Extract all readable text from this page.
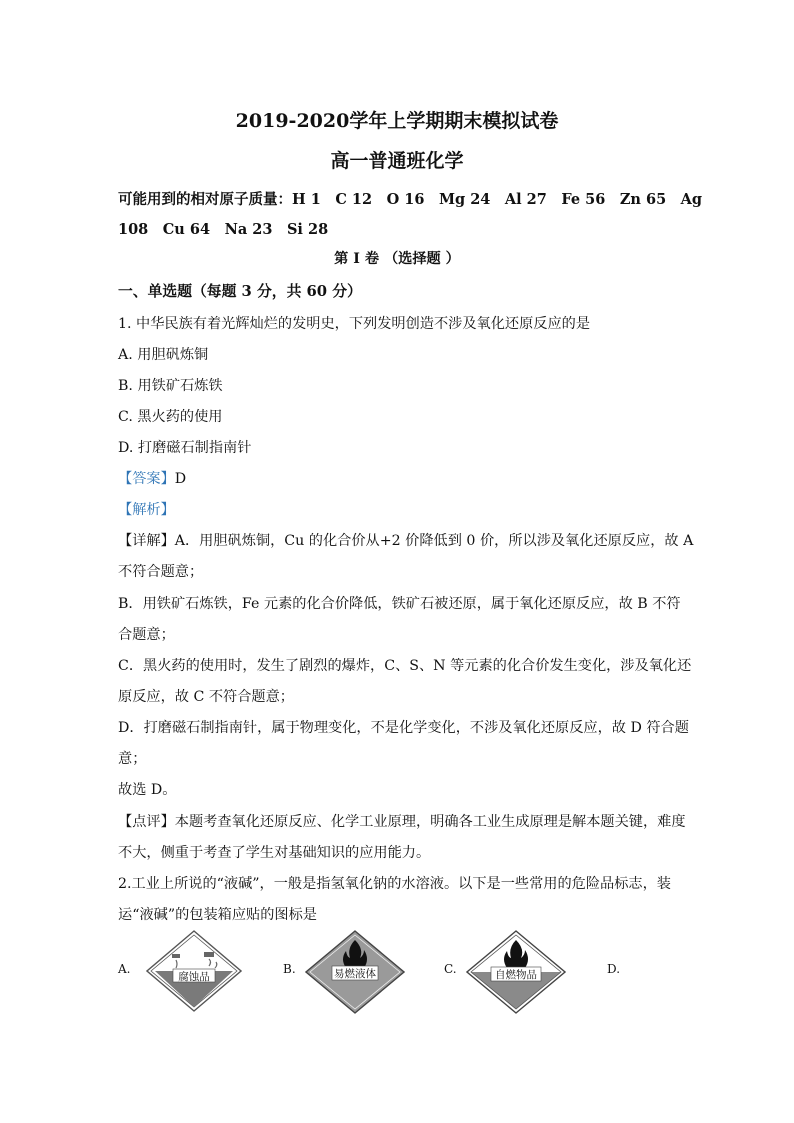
2019-2020学年上学期期末模拟试卷
高一普通班化学
可能用到的相对原子质量：H 1　C 12　O 16　Mg 24　Al 27　Fe 56　Zn 65　Ag
108　Cu 64　Na 23　Si 28
第 I 卷 （选择题 ）
一、单选题（每题 3 分，共 60 分）
1. 中华民族有着光辉灿烂的发明史，下列发明创造不涉及氧化还原反应的是
A. 用胆矾炼铜
B. 用铁矿石炼铁
C. 黑火药的使用
D. 打磨磁石制指南针
【答案】D
【解析】
【详解】A．用胆矾炼铜，Cu 的化合价从+2 价降低到 0 价，所以涉及氧化还原反应，故 A
不符合题意；
B．用铁矿石炼铁，Fe 元素的化合价降低，铁矿石被还原，属于氧化还原反应，故 B 不符
合题意；
C．黑火药的使用时，发生了剧烈的爆炸，C、S、N 等元素的化合价发生变化，涉及氧化还
原反应，故 C 不符合题意；
D．打磨磁石制指南针，属于物理变化，不是化学变化，不涉及氧化还原反应，故 D 符合题
意；
故选 D。
【点评】本题考查氧化还原反应、化学工业原理，明确各工业生成原理是解本题关键，难度
不大，侧重于考查了学生对基础知识的应用能力。
2.工业上所说的“液碱”，一般是指氢氧化钠的水溶液。以下是一些常用的危险品标志，装
运“液碱”的包装箱应贴的图标是
A.	B.	C.	D.
腐蚀品	易燃液体	自燃物品
